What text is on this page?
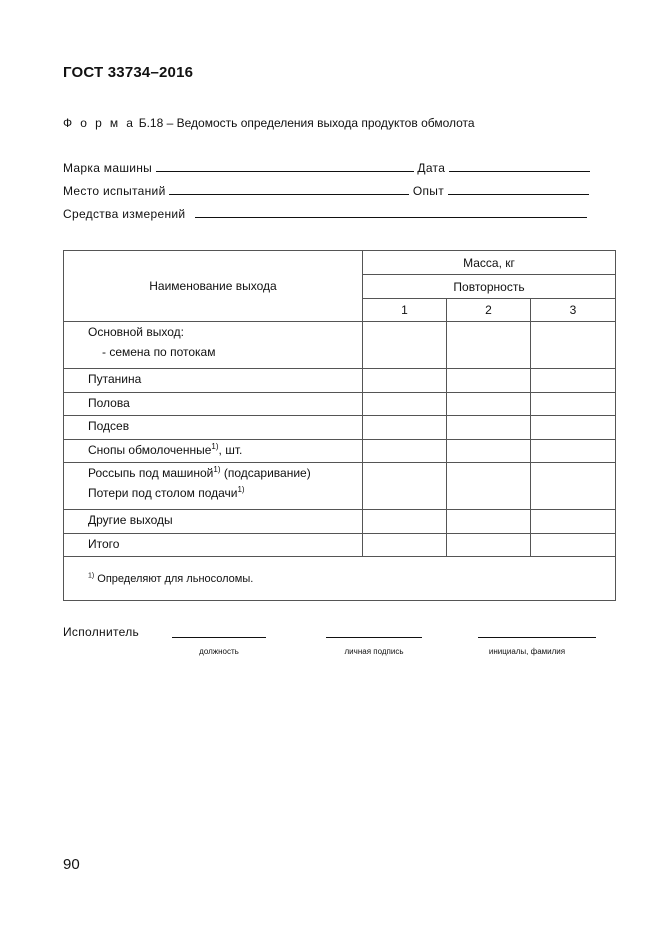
ГОСТ 33734–2016
Ф о р м а Б.18 – Ведомость определения выхода продуктов обмолота
Марка машины	Дата
Место испытаний	Опыт
Средства измерений
Наименование выхода	Масса, кг		
	Повторность		
	1	2	3
Основной выход:
- семена по потокам			

Путанина			
Полова			
Подсев			
Снопы обмолоченные$^{1)}$, шт.			
Россыпь под машиной$^{1)}$ (подсаривание)
Потери под столом подачи$^{1)}$

Другие выходы			
Итого			
$^{1)}$ Определяют для льносоломы.			
Исполнитель
должность	личная подпись	инициалы, фамилия
90
